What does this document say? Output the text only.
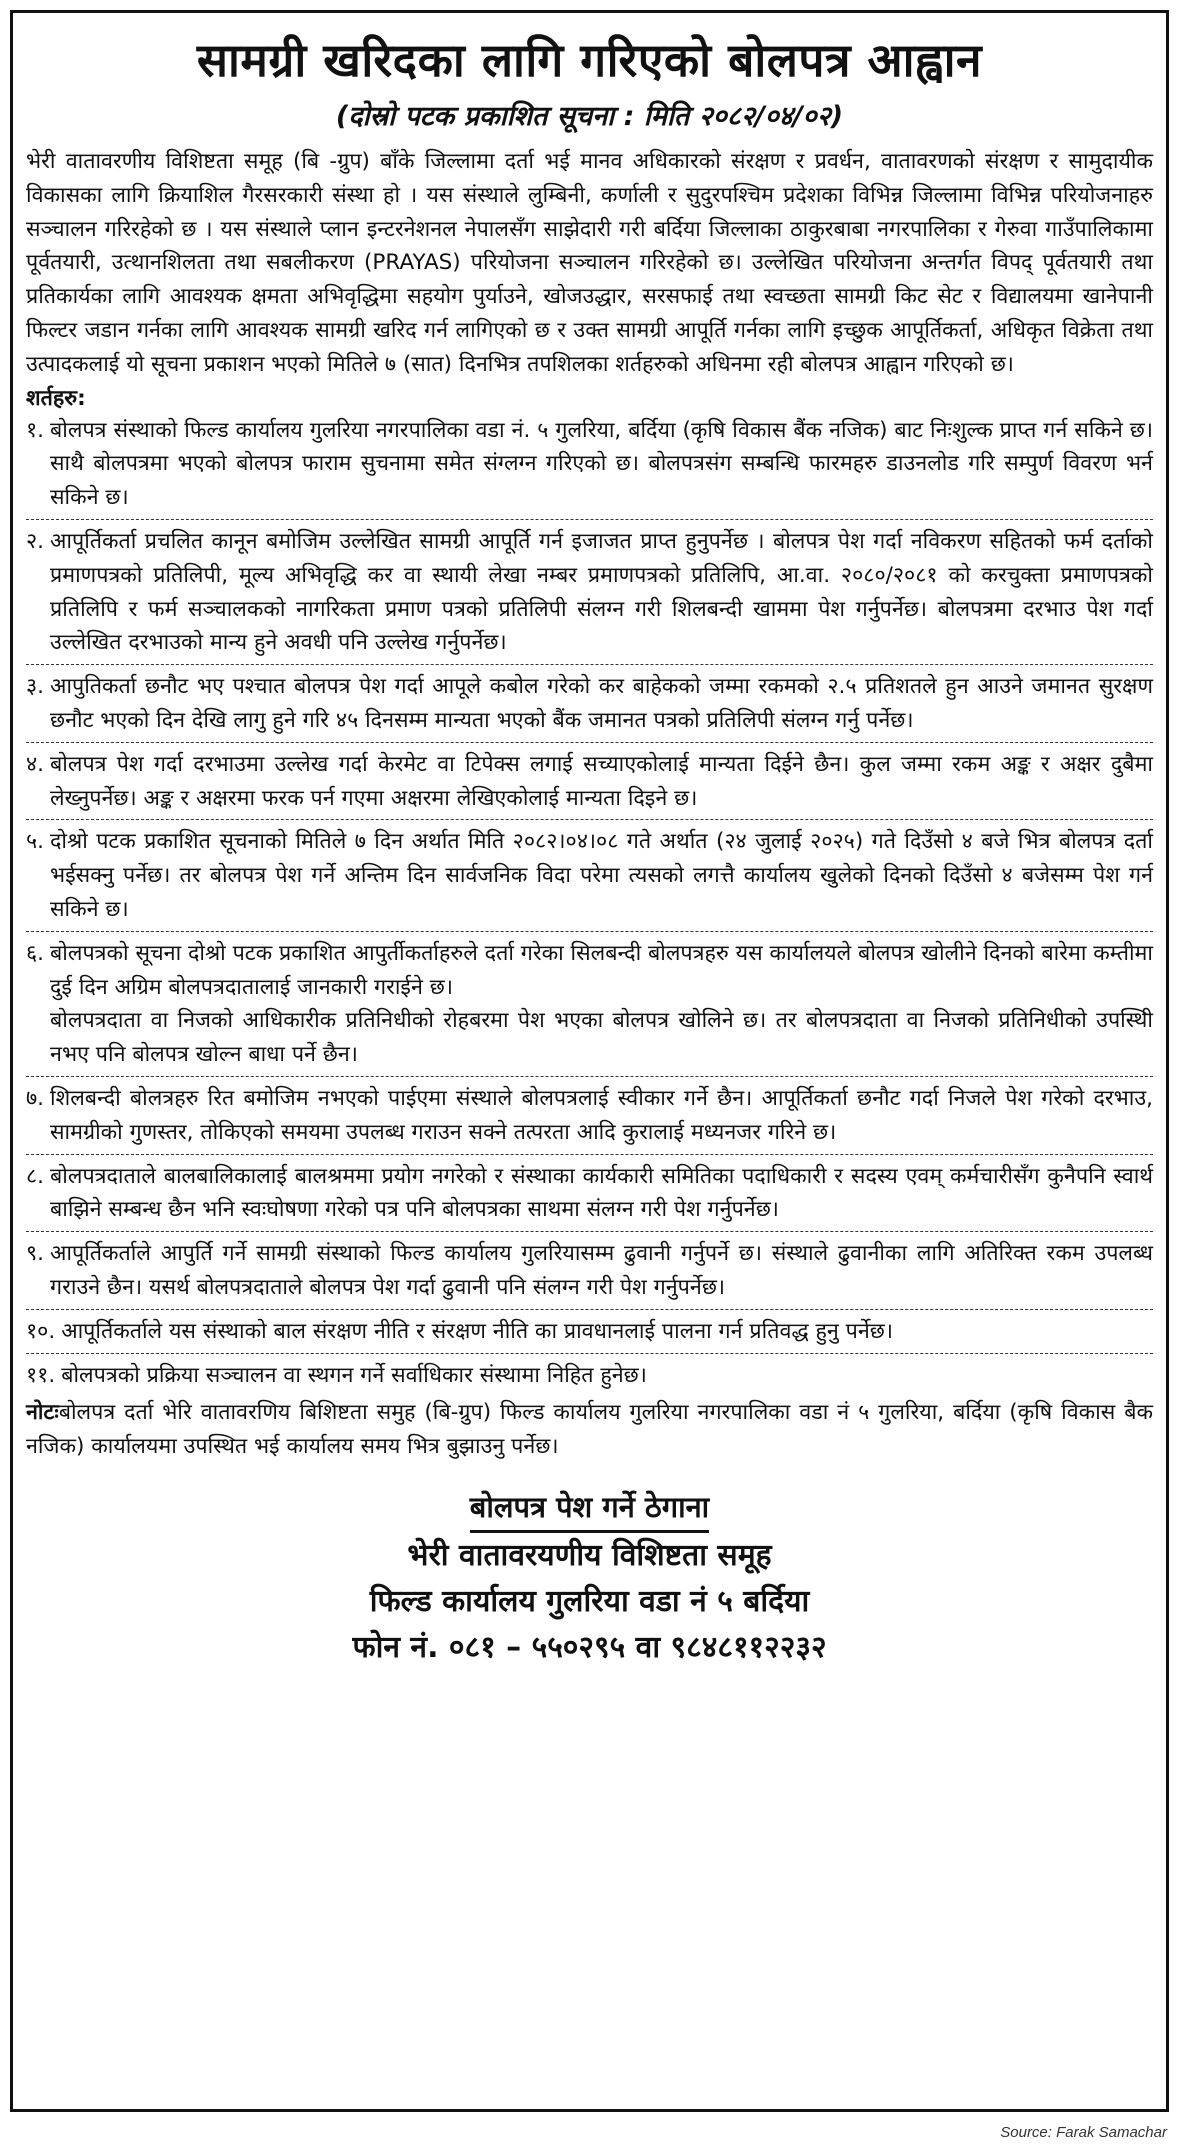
सामग्री खरिदका लागि गरिएको बोलपत्र आह्वान
(दोस्रो पटक प्रकाशित सूचना : मिति २०८२/०४/०२)
भेरी वातावरणीय विशिष्टता समूह (बि -ग्रुप) बाँके जिल्लामा दर्ता भई मानव अधिकारको संरक्षण र प्रवर्धन, वातावरणको संरक्षण र सामुदायीक विकासका लागि क्रियाशिल गैरसरकारी संस्था हो । यस संस्थाले लुम्बिनी, कर्णाली र सुदुरपश्चिम प्रदेशका विभिन्न जिल्लामा विभिन्न परियोजनाहरु सञ्चालन गरिरहेको छ । यस संस्थाले प्लान इन्टरनेशनल नेपालसँग साझेदारी गरी बर्दिया जिल्लाका ठाकुरबाबा नगरपालिका र गेरुवा गाउँपालिकामा पूर्वतयारी, उत्थानशिलता तथा सबलीकरण (PRAYAS) परियोजना सञ्चालन गरिरहेको छ। उल्लेखित परियोजना अन्तर्गत विपद् पूर्वतयारी तथा प्रतिकार्यका लागि आवश्यक क्षमता अभिवृद्धिमा सहयोग पुर्याउने, खोजउद्धार, सरसफाई तथा स्वच्छता सामग्री किट सेट र विद्यालयमा खानेपानी फिल्टर जडान गर्नका लागि आवश्यक सामग्री खरिद गर्न लागिएको छ र उक्त सामग्री आपूर्ति गर्नका लागि इच्छुक आपूर्तिकर्ता, अधिकृत विक्रेता तथा उत्पादकलाई यो सूचना प्रकाशन भएको मितिले ७ (सात) दिनभित्र तपशिलका शर्तहरुको अधिनमा रही बोलपत्र आह्वान गरिएको छ।
शर्तहरु:
१. बोलपत्र संस्थाको फिल्ड कार्यालय गुलरिया नगरपालिका वडा नं. ५ गुलरिया, बर्दिया (कृषि विकास बैंक नजिक) बाट निःशुल्क प्राप्त गर्न सकिने छ। साथै बोलपत्रमा भएको बोलपत्र फाराम सुचनामा समेत संग्लग्न गरिएको छ। बोलपत्रसंग सम्बन्धि फारमहरु डाउनलोड गरि सम्पुर्ण विवरण भर्न सकिने छ।

२. आपूर्तिकर्ता प्रचलित कानून बमोजिम उल्लेखित सामग्री आपूर्ति गर्न इजाजत प्राप्त हुनुपर्नेछ । बोलपत्र पेश गर्दा नविकरण सहितको फर्म दर्ताको प्रमाणपत्रको प्रतिलिपी, मूल्य अभिवृद्धि कर वा स्थायी लेखा नम्बर प्रमाणपत्रको प्रतिलिपि, आ.वा. २०८०/२०८१ को करचुक्ता प्रमाणपत्रको प्रतिलिपि र फर्म सञ्चालकको नागरिकता प्रमाण पत्रको प्रतिलिपी संलग्न गरी शिलबन्दी खाममा पेश गर्नुपर्नेछ। बोलपत्रमा दरभाउ पेश गर्दा उल्लेखित दरभाउको मान्य हुने अवधी पनि उल्लेख गर्नुपर्नेछ।

३. आपुतिकर्ता छनौट भए पश्चात बोलपत्र पेश गर्दा आपूले कबोल गरेको कर बाहेकको जम्मा रकमको २.५ प्रतिशतले हुन आउने जमानत सुरक्षण छनौट भएको दिन देखि लागु हुने गरि ४५ दिनसम्म मान्यता भएको बैंक जमानत पत्रको प्रतिलिपी संलग्न गर्नु पर्नेछ।

४. बोलपत्र पेश गर्दा दरभाउमा उल्लेख गर्दा केरमेट वा टिपेक्स लगाई सच्याएकोलाई मान्यता दिईने छैन। कुल जम्मा रकम अङ्क र अक्षर दुबैमा लेख्नुपर्नेछ। अङ्क र अक्षरमा फरक पर्न गएमा अक्षरमा लेखिएकोलाई मान्यता दिइने छ।

५. दोश्रो पटक प्रकाशित सूचनाको मितिले ७ दिन अर्थात मिति २०८२।०४।०८ गते अर्थात (२४ जुलाई २०२५) गते दिउँसो ४ बजे भित्र बोलपत्र दर्ता भईसक्नु पर्नेछ। तर बोलपत्र पेश गर्ने अन्तिम दिन सार्वजनिक विदा परेमा त्यसको लगत्तै कार्यालय खुलेको दिनको दिउँसो ४ बजेसम्म पेश गर्न सकिने छ।

६. बोलपत्रको सूचना दोश्रो पटक प्रकाशित आपुर्तीकर्ताहरुले दर्ता गरेका सिलबन्दी बोलपत्रहरु यस कार्यालयले बोलपत्र खोलीने दिनको बारेमा कम्तीमा दुई दिन अग्रिम बोलपत्रदातालाई जानकारी गराईने छ।

बोलपत्रदाता वा निजको आधिकारीक प्रतिनिधीको रोहबरमा पेश भएका बोलपत्र खोलिने छ। तर बोलपत्रदाता वा निजको प्रतिनिधीको उपस्थिी नभए पनि बोलपत्र खोल्न बाधा पर्ने छैन।

७. शिलबन्दी बोलत्रहरु रित बमोजिम नभएको पाईएमा संस्थाले बोलपत्रलाई स्वीकार गर्ने छैन। आपूर्तिकर्ता छनौट गर्दा निजले पेश गरेको दरभाउ, सामग्रीको गुणस्तर, तोकिएको समयमा उपलब्ध गराउन सक्ने तत्परता आदि कुरालाई मध्यनजर गरिने छ।

८. बोलपत्रदाताले बालबालिकालाई बालश्रममा प्रयोग नगरेको र संस्थाका कार्यकारी समितिका पदाधिकारी र सदस्य एवम् कर्मचारीसँग कुनैपनि स्वार्थ बाझिने सम्बन्ध छैन भनि स्वःघोषणा गरेको पत्र पनि बोलपत्रका साथमा संलग्न गरी पेश गर्नुपर्नेछ।

९. आपूर्तिकर्ताले आपुर्ति गर्ने सामग्री संस्थाको फिल्ड कार्यालय गुलरियासम्म ढुवानी गर्नुपर्ने छ। संस्थाले ढुवानीका लागि अतिरिक्त रकम उपलब्ध गराउने छैन। यसर्थ बोलपत्रदाताले बोलपत्र पेश गर्दा ढुवानी पनि संलग्न गरी पेश गर्नुपर्नेछ।

१०. आपूर्तिकर्ताले यस संस्थाको बाल संरक्षण नीति र संरक्षण नीति का प्रावधानलाई पालना गर्न प्रतिवद्ध हुनु पर्नेछ।

११. बोलपत्रको प्रक्रिया सञ्चालन वा स्थगन गर्ने सर्वाधिकार संस्थामा निहित हुनेछ।

नोटःबोलपत्र दर्ता भेरि वातावरणिय बिशिष्टता समुह (बि-ग्रुप) फिल्ड कार्यालय गुलरिया नगरपालिका वडा नं ५ गुलरिया, बर्दिया (कृषि विकास बैक नजिक) कार्यालयमा उपस्थित भई कार्यालय समय भित्र बुझाउनु पर्नेछ।
बोलपत्र पेश गर्ने ठेगाना
भेरी वातावरयणीय विशिष्टता समूह
फिल्ड कार्यालय गुलरिया वडा नं ५ बर्दिया
फोन नं. ०८१ – ५५०२९५ वा ९८४८११२२३२
Source: Farak Samachar
